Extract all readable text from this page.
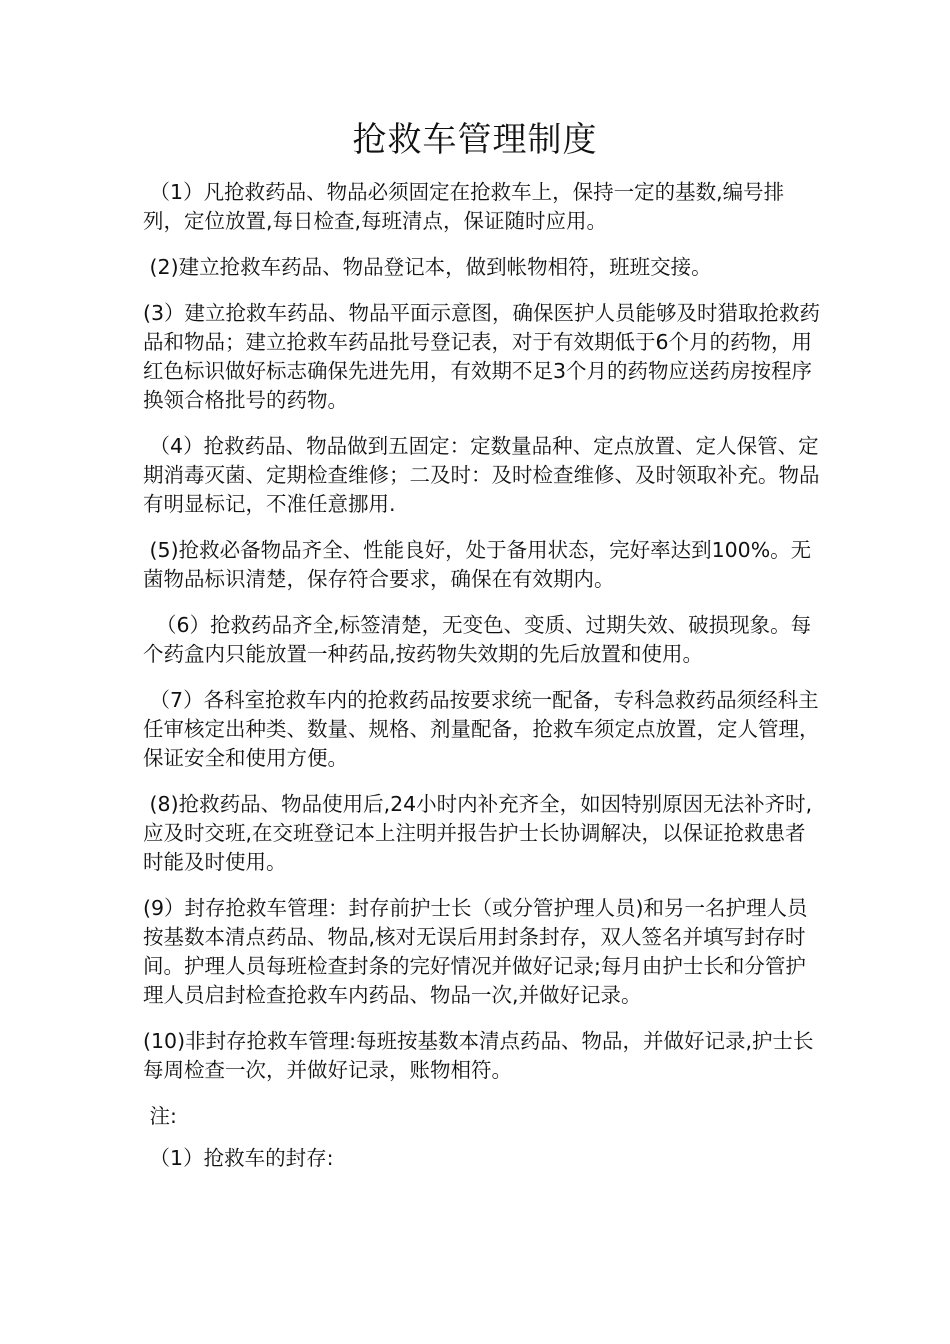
抢救车管理制度

（1）凡抢救药品、物品必须固定在抢救车上，保持一定的基数,编号排列，定位放置,每日检查,每班清点，保证随时应用。

(2)建立抢救车药品、物品登记本，做到帐物相符，班班交接。

(3）建立抢救车药品、物品平面示意图，确保医护人员能够及时猎取抢救药品和物品；建立抢救车药品批号登记表，对于有效期低于6个月的药物，用红色标识做好标志确保先进先用，有效期不足3个月的药物应送药房按程序换领合格批号的药物。

（4）抢救药品、物品做到五固定：定数量品种、定点放置、定人保管、定期消毒灭菌、定期检查维修；二及时：及时检查维修、及时领取补充。物品有明显标记，不准任意挪用.

(5)抢救必备物品齐全、性能良好，处于备用状态，完好率达到100%。无菌物品标识清楚，保存符合要求，确保在有效期内。

（6）抢救药品齐全,标签清楚，无变色、变质、过期失效、破损现象。每个药盒内只能放置一种药品,按药物失效期的先后放置和使用。

（7）各科室抢救车内的抢救药品按要求统一配备，专科急救药品须经科主任审核定出种类、数量、规格、剂量配备，抢救车须定点放置，定人管理，保证安全和使用方便。

(8)抢救药品、物品使用后,24小时内补充齐全，如因特别原因无法补齐时,应及时交班,在交班登记本上注明并报告护士长协调解决，以保证抢救患者时能及时使用。

(9）封存抢救车管理：封存前护士长（或分管护理人员)和另一名护理人员按基数本清点药品、物品,核对无误后用封条封存，双人签名并填写封存时间。护理人员每班检查封条的完好情况并做好记录;每月由护士长和分管护理人员启封检查抢救车内药品、物品一次,并做好记录。

(10)非封存抢救车管理:每班按基数本清点药品、物品，并做好记录,护士长每周检查一次，并做好记录，账物相符。

注:

（1）抢救车的封存:
